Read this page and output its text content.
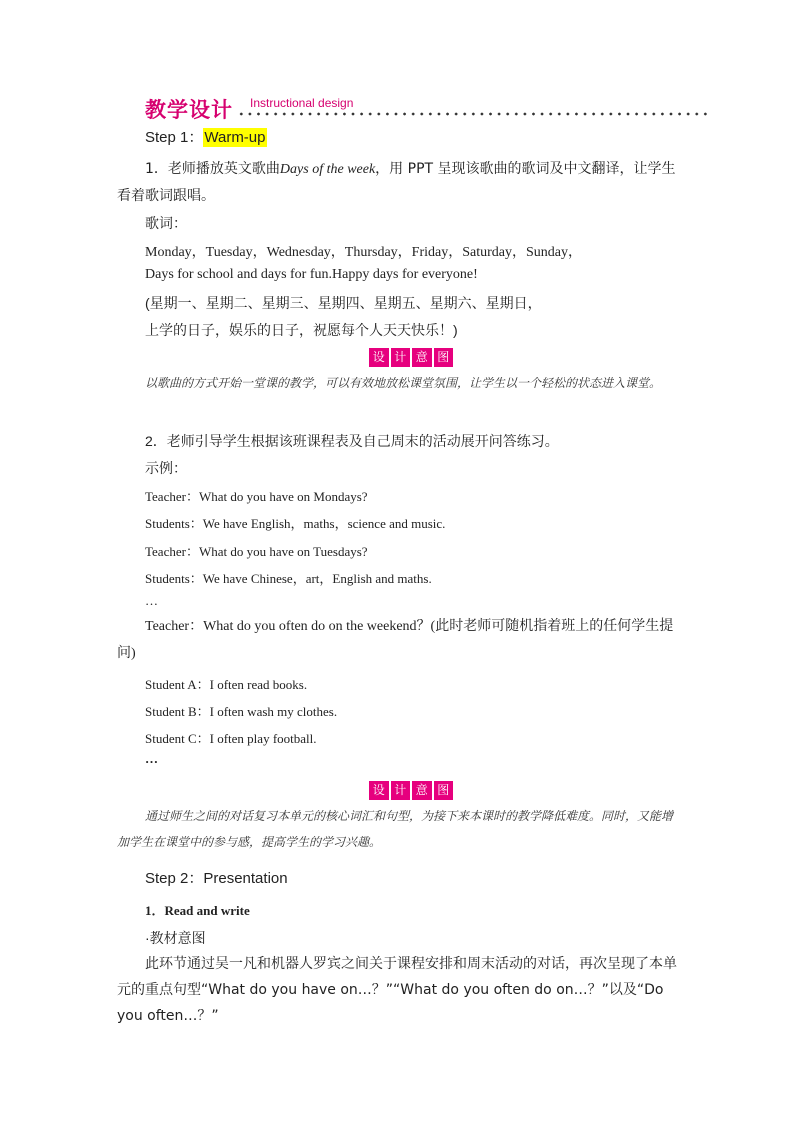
教学设计 Instructional design
Step 1：Warm-up
1．老师播放英文歌曲Days of the week，用 PPT 呈现该歌曲的歌词及中文翻译，让学生看着歌词跟唱。
歌词：
Monday，Tuesday，Wednesday，Thursday，Friday，Saturday，Sunday，
Days for school and days for fun.Happy days for everyone!
(星期一、星期二、星期三、星期四、星期五、星期六、星期日，
上学的日子，娱乐的日子，祝愿每个人天天快乐！)
设 计 意 图
以歌曲的方式开始一堂课的教学，可以有效地放松课堂氛围，让学生以一个轻松的状态进入课堂。
2．老师引导学生根据该班课程表及自己周末的活动展开问答练习。
示例：
Teacher：What do you have on Mondays?
Students：We have English，maths，science and music.
Teacher：What do you have on Tuesdays?
Students：We have Chinese，art，English and maths.
…
Teacher：What do you often do on the weekend？(此时老师可随机指着班上的任何学生提问)
Student A：I often read books.
Student B：I often wash my clothes.
Student C：I often play football.
…
设 计 意 图
通过师生之间的对话复习本单元的核心词汇和句型，为接下来本课时的教学降低难度。同时，又能增加学生在课堂中的参与感，提高学生的学习兴趣。
Step 2：Presentation
1．Read and write
·教材意图
此环节通过吴一凡和机器人罗宾之间关于课程安排和周末活动的对话，再次呈现了本单元的重点句型“What do you have on…？”“What do you often do on…？”以及“Do you often…？”
